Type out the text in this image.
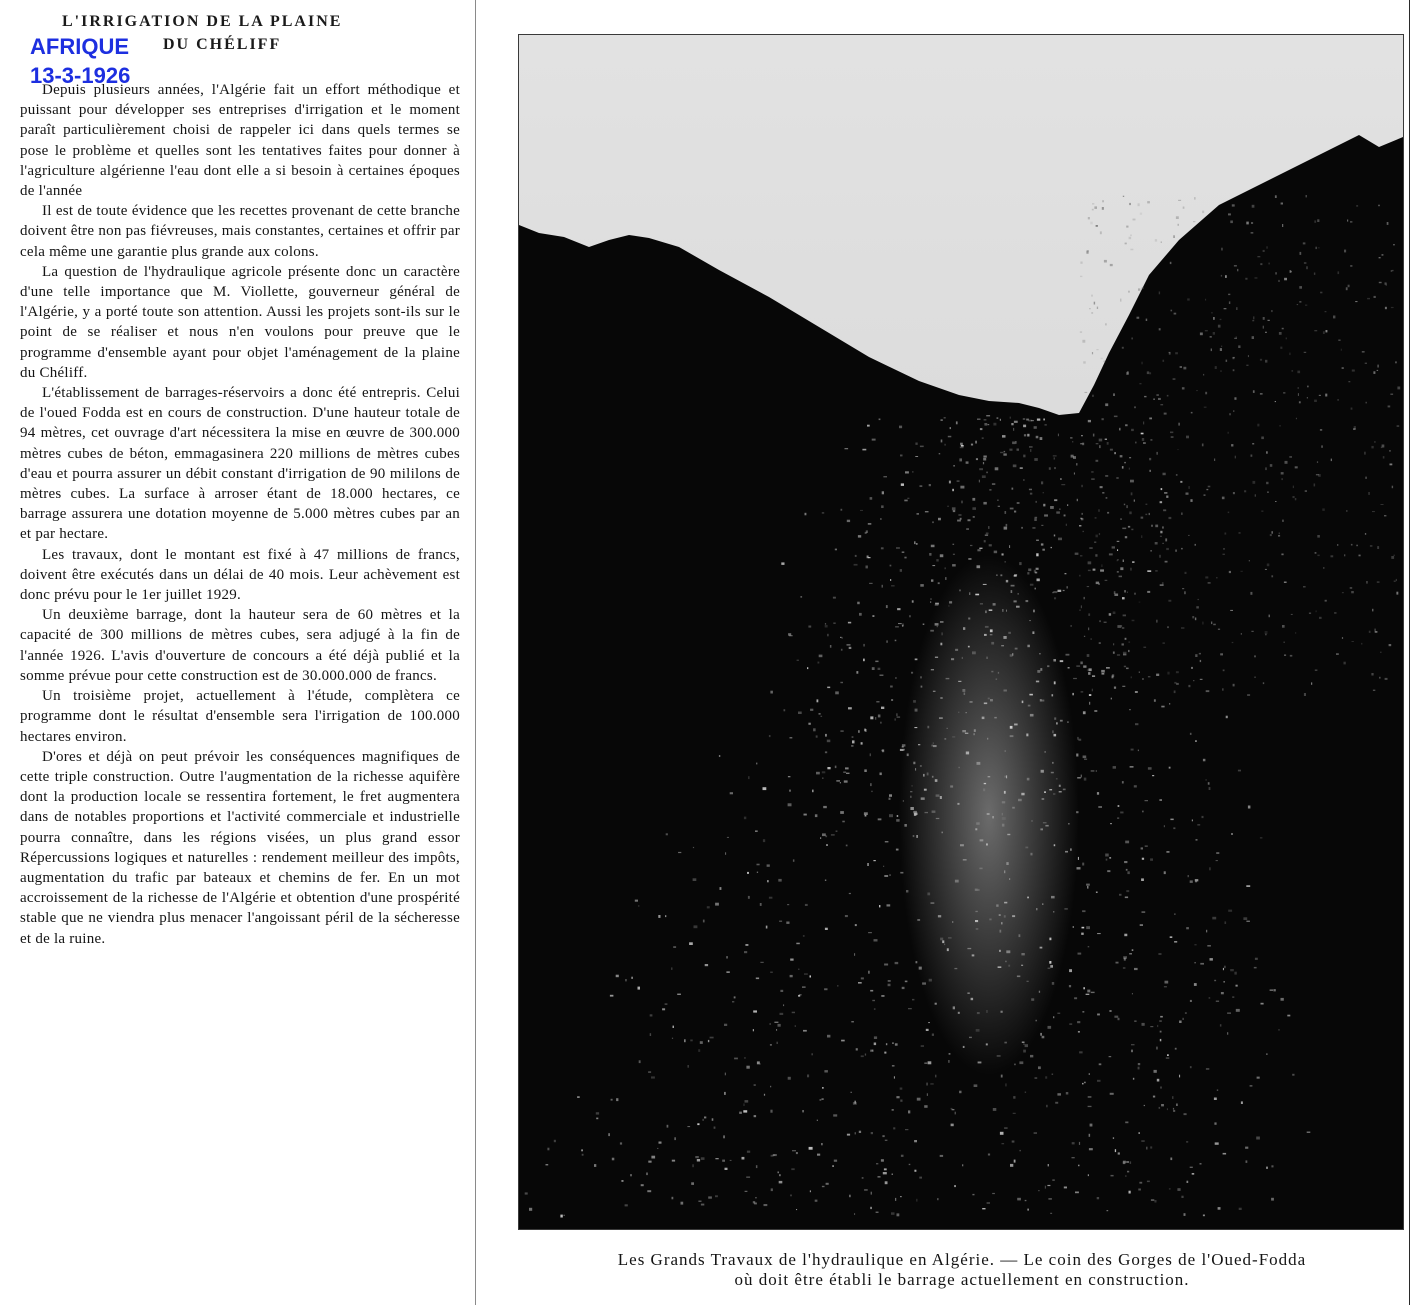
L'IRRIGATION DE LA PLAINE
DU CHÉLIFF
AFRIQUE
13-3-1926

Depuis plusieurs années, l'Algérie fait un effort méthodique et puissant pour développer ses entreprises d'irrigation et le moment paraît particulièrement choisi de rappeler ici dans quels termes se pose le problème et quelles sont les tentatives faites pour donner à l'agriculture algérienne l'eau dont elle a si besoin à certaines époques de l'année

Il est de toute évidence que les recettes provenant de cette branche doivent être non pas fiévreuses, mais constantes, certaines et offrir par cela même une garantie plus grande aux colons.

La question de l'hydraulique agricole présente donc un caractère d'une telle importance que M. Viollette, gouverneur général de l'Algérie, y a porté toute son attention. Aussi les projets sont-ils sur le point de se réaliser et nous n'en voulons pour preuve que le programme d'ensemble ayant pour objet l'aménagement de la plaine du Chéliff.

L'établissement de barrages-réservoirs a donc été entrepris. Celui de l'oued Fodda est en cours de construction. D'une hauteur totale de 94 mètres, cet ouvrage d'art nécessitera la mise en œuvre de 300.000 mètres cubes de béton, emmagasinera 220 millions de mètres cubes d'eau et pourra assurer un débit constant d'irrigation de 90 mililons de mètres cubes. La surface à arroser étant de 18.000 hectares, ce barrage assurera une dotation moyenne de 5.000 mètres cubes par an et par hectare.

Les travaux, dont le montant est fixé à 47 millions de francs, doivent être exécutés dans un délai de 40 mois. Leur achèvement est donc prévu pour le 1er juillet 1929.

Un deuxième barrage, dont la hauteur sera de 60 mètres et la capacité de 300 millions de mètres cubes, sera adjugé à la fin de l'année 1926. L'avis d'ouverture de concours a été déjà publié et la somme prévue pour cette construction est de 30.000.000 de francs.

Un troisième projet, actuellement à l'étude, complètera ce programme dont le résultat d'ensemble sera l'irrigation de 100.000 hectares environ.

D'ores et déjà on peut prévoir les conséquences magnifiques de cette triple construction. Outre l'augmentation de la richesse aquifère dont la production locale se ressentira fortement, le fret augmentera dans de notables proportions et l'activité commerciale et industrielle pourra connaître, dans les régions visées, un plus grand essor Répercussions logiques et naturelles : rendement meilleur des impôts, augmentation du trafic par bateaux et chemins de fer. En un mot accroissement de la richesse de l'Algérie et obtention d'une prospérité stable que ne viendra plus menacer l'angoissant péril de la sécheresse et de la ruine.

Les Grands Travaux de l'hydraulique en Algérie. — Le coin des Gorges de l'Oued-Fodda
où doit être établi le barrage actuellement en construction.
